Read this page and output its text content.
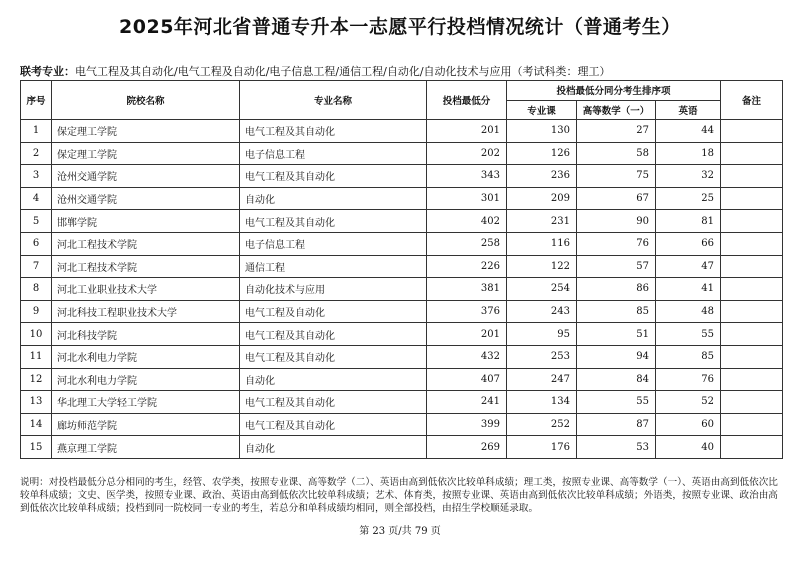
2025年河北省普通专升本一志愿平行投档情况统计（普通考生）
联考专业：电气工程及其自动化/电气工程及自动化/电子信息工程/通信工程/自动化/自动化技术与应用（考试科类：理工）
序号	院校名称	专业名称	投档最低分	投档最低分同分考生排序项			备注
				专业课	高等数学（一）	英语	
1	保定理工学院	电气工程及其自动化	201	130	27	44	
2	保定理工学院	电子信息工程	202	126	58	18	
3	沧州交通学院	电气工程及其自动化	343	236	75	32	
4	沧州交通学院	自动化	301	209	67	25	
5	邯郸学院	电气工程及其自动化	402	231	90	81	
6	河北工程技术学院	电子信息工程	258	116	76	66	
7	河北工程技术学院	通信工程	226	122	57	47	
8	河北工业职业技术大学	自动化技术与应用	381	254	86	41	
9	河北科技工程职业技术大学	电气工程及自动化	376	243	85	48	
10	河北科技学院	电气工程及其自动化	201	95	51	55	
11	河北水利电力学院	电气工程及其自动化	432	253	94	85	
12	河北水利电力学院	自动化	407	247	84	76	
13	华北理工大学轻工学院	电气工程及其自动化	241	134	55	52	
14	廊坊师范学院	电气工程及其自动化	399	252	87	60	
15	燕京理工学院	自动化	269	176	53	40	
说明：对投档最低分总分相同的考生，经管、农学类，按照专业课、高等数学（二）、英语由高到低依次比较单科成绩；理工类，按照专业课、高等数学（一）、英语由高到低依次比较单科成绩；文史、医学类，按照专业课、政治、英语由高到低依次比较单科成绩；艺术、体育类，按照专业课、英语由高到低依次比较单科成绩；外语类，按照专业课、政治由高到低依次比较单科成绩；投档到同一院校同一专业的考生，若总分和单科成绩均相同，则全部投档，由招生学校顺延录取。
第 23 页/共 79 页
